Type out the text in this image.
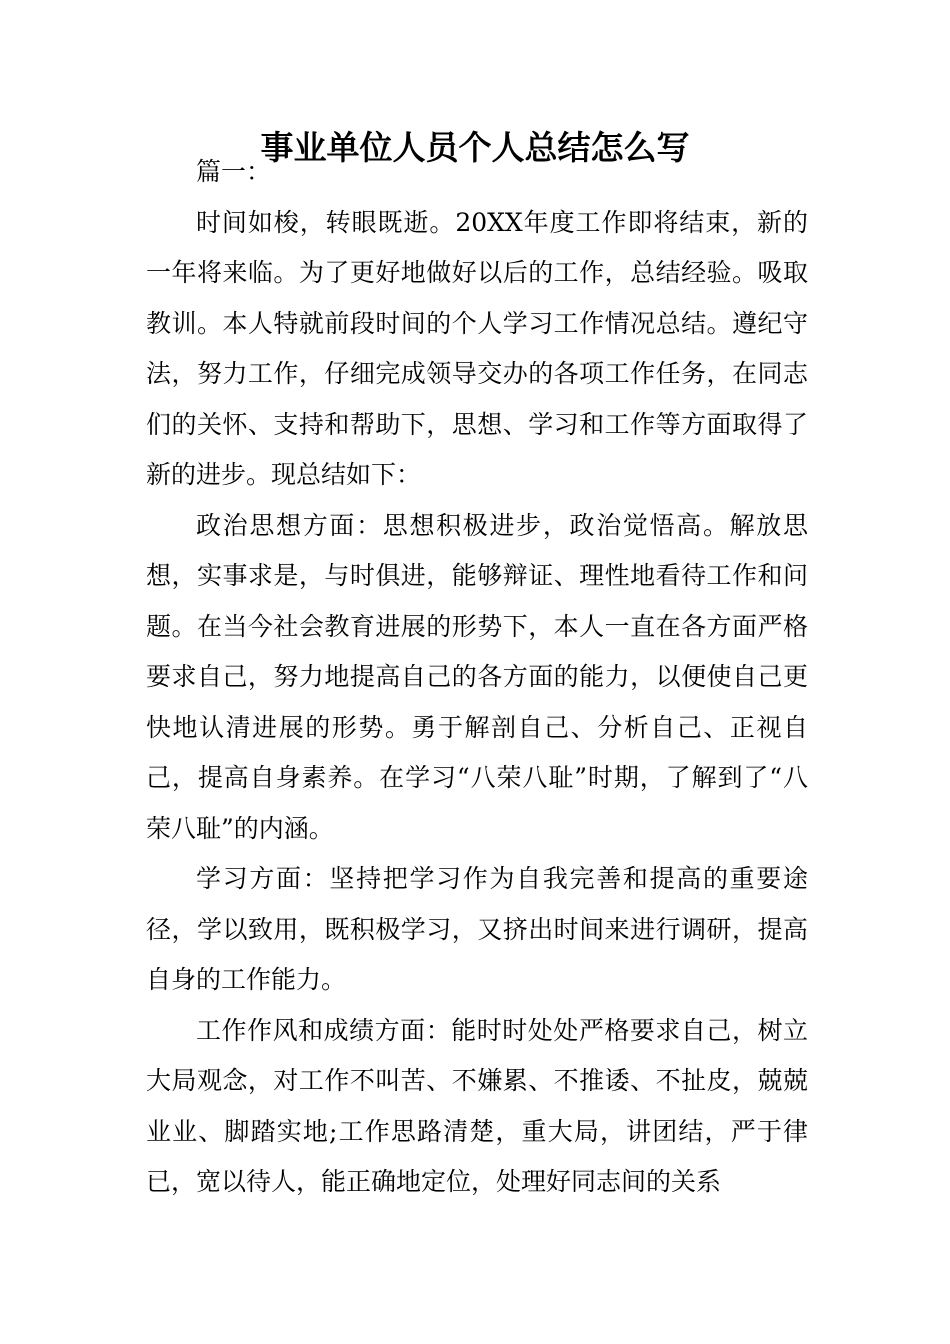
事业单位人员个人总结怎么写

篇一：

时间如梭，转眼既逝。20XX年度工作即将结束，新的一年将来临。为了更好地做好以后的工作，总结经验。吸取教训。本人特就前段时间的个人学习工作情况总结。遵纪守法，努力工作，仔细完成领导交办的各项工作任务，在同志们的关怀、支持和帮助下，思想、学习和工作等方面取得了新的进步。现总结如下：

政治思想方面：思想积极进步，政治觉悟高。解放思想，实事求是，与时俱进，能够辩证、理性地看待工作和问题。在当今社会教育进展的形势下，本人一直在各方面严格要求自己，努力地提高自己的各方面的能力，以便使自己更快地认清进展的形势。勇于解剖自己、分析自己、正视自己，提高自身素养。在学习“八荣八耻”时期，了解到了“八荣八耻”的内涵。

学习方面：坚持把学习作为自我完善和提高的重要途径，学以致用，既积极学习，又挤出时间来进行调研，提高自身的工作能力。

工作作风和成绩方面：能时时处处严格要求自己，树立大局观念，对工作不叫苦、不嫌累、不推诿、不扯皮，兢兢业业、脚踏实地;工作思路清楚，重大局，讲团结，严于律已，宽以待人，能正确地定位，处理好同志间的关系
